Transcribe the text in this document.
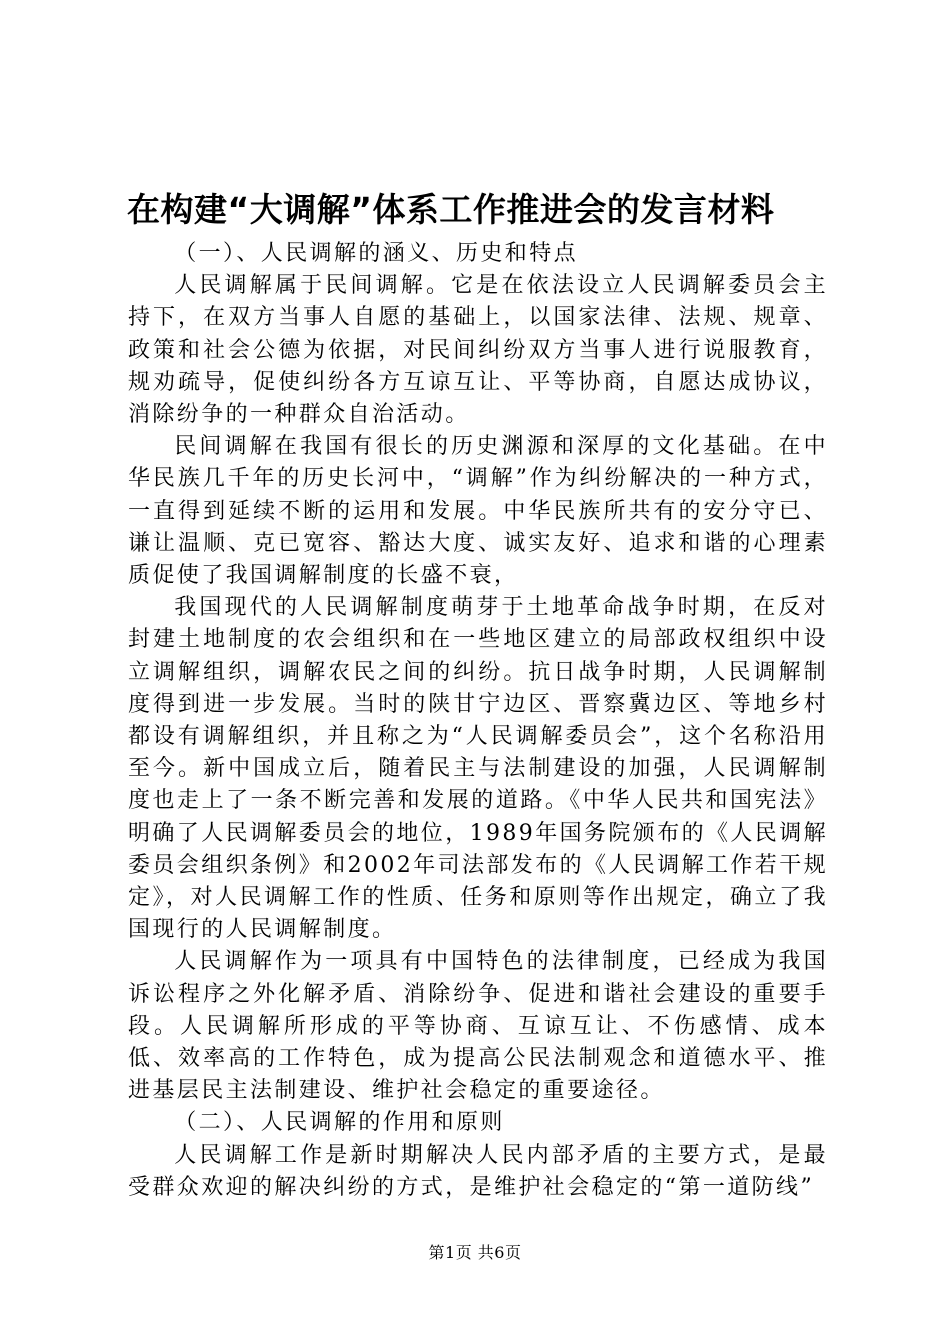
在构建“大调解”体系工作推进会的发言材料

（一）、人民调解的涵义、历史和特点

人民调解属于民间调解。它是在依法设立人民调解委员会主持下，在双方当事人自愿的基础上，以国家法律、法规、规章、政策和社会公德为依据，对民间纠纷双方当事人进行说服教育，规劝疏导，促使纠纷各方互谅互让、平等协商，自愿达成协议，消除纷争的一种群众自治活动。

民间调解在我国有很长的历史渊源和深厚的文化基础。在中华民族几千年的历史长河中，“调解”作为纠纷解决的一种方式，一直得到延续不断的运用和发展。中华民族所共有的安分守已、谦让温顺、克已宽容、豁达大度、诚实友好、追求和谐的心理素质促使了我国调解制度的长盛不衰，

我国现代的人民调解制度萌芽于土地革命战争时期，在反对封建土地制度的农会组织和在一些地区建立的局部政权组织中设立调解组织，调解农民之间的纠纷。抗日战争时期，人民调解制度得到进一步发展。当时的陕甘宁边区、晋察冀边区、等地乡村都设有调解组织，并且称之为“人民调解委员会”，这个名称沿用至今。新中国成立后，随着民主与法制建设的加强，人民调解制度也走上了一条不断完善和发展的道路。《中华人民共和国宪法》明确了人民调解委员会的地位，1989年国务院颁布的《人民调解委员会组织条例》和2002年司法部发布的《人民调解工作若干规定》，对人民调解工作的性质、任务和原则等作出规定，确立了我国现行的人民调解制度。

人民调解作为一项具有中国特色的法律制度，已经成为我国诉讼程序之外化解矛盾、消除纷争、促进和谐社会建设的重要手段。人民调解所形成的平等协商、互谅互让、不伤感情、成本低、效率高的工作特色，成为提高公民法制观念和道德水平、推进基层民主法制建设、维护社会稳定的重要途径。

（二）、人民调解的作用和原则

人民调解工作是新时期解决人民内部矛盾的主要方式，是最受群众欢迎的解决纠纷的方式，是维护社会稳定的“第一道防线”

第1页 共6页
